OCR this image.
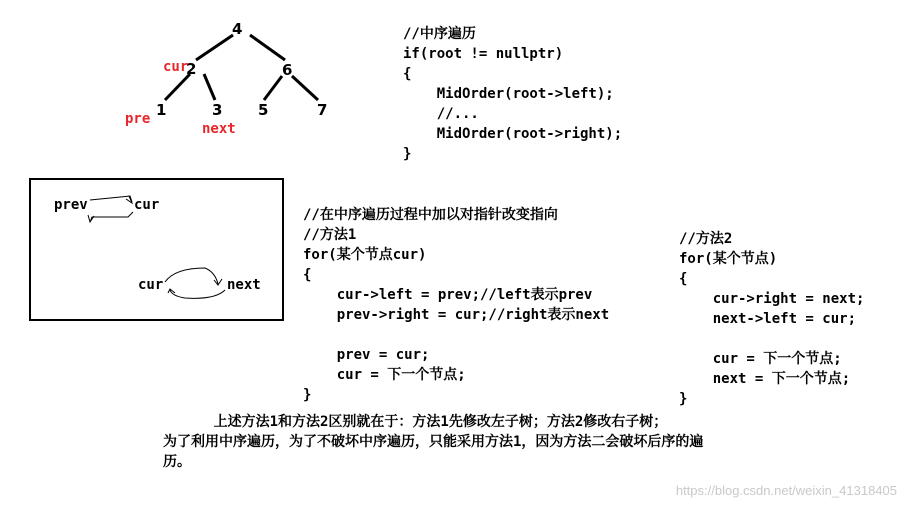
4
2	6
1	3 5	7
cur
pre
next
//中序遍历
if(root != nullptr)
{
MidOrder(root->left);
//...
MidOrder(root->right);
}
prev	cur
cur	next
//在中序遍历过程中加以对指针改变指向
//方法1
for(某个节点cur)
{
cur->left = prev;//left表示prev
prev->right = cur;//right表示next
prev = cur;
cur = 下一个节点;
}
//方法2
for(某个节点)
{
cur->right = next;
next->left = cur;
cur = 下一个节点;
next = 下一个节点;
}
上述方法1和方法2区别就在于：方法1先修改左子树；方法2修改右子树；
为了利用中序遍历，为了不破坏中序遍历，只能采用方法1，因为方法二会破坏后序的遍
历。
https://blog.csdn.net/weixin_41318405
